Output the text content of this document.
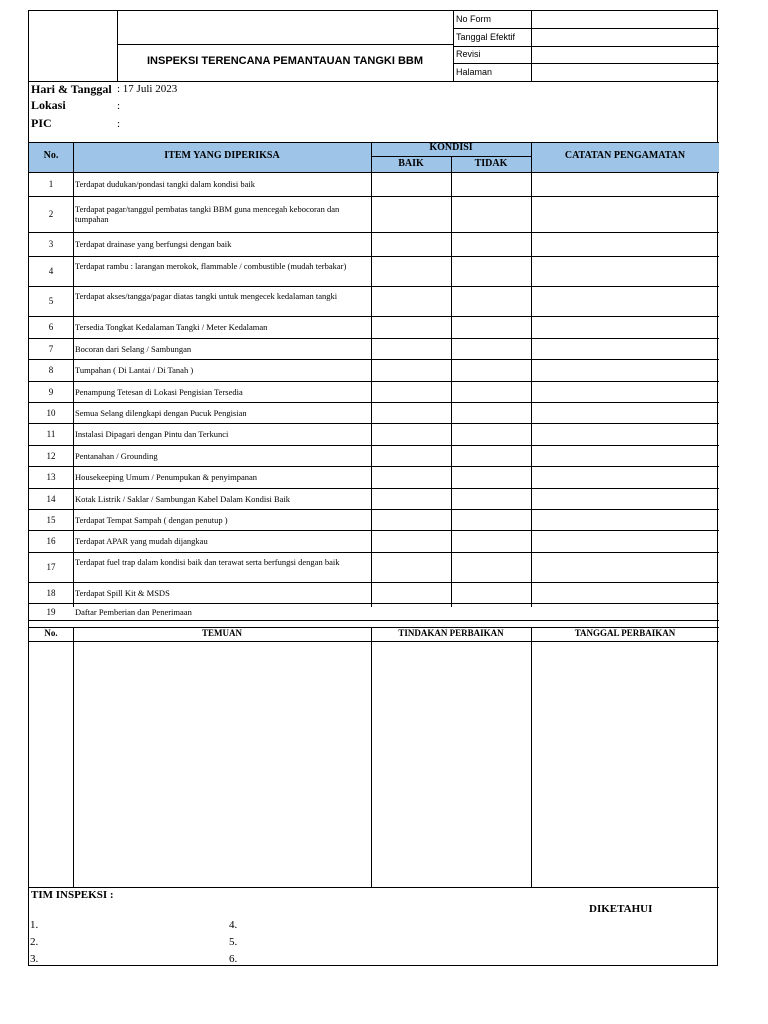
INSPEKSI TERENCANA PEMANTAUAN TANGKI BBM
No Form
Tanggal Efektif
Revisi
Halaman
Hari & Tanggal : 17 Juli 2023
Lokasi	:
PIC	:
No.	ITEM YANG DIPERIKSA
KONDISI
BAIK	TIDAK
CATATAN PENGAMATAN
1	Terdapat dudukan/pondasi tangki dalam kondisi baik
2	Terdapat pagar/tanggul pembatas tangki BBM guna mencegah kebocoran dan tumpahan
3	Terdapat drainase yang berfungsi dengan baik
4	Terdapat rambu : larangan merokok, flammable / combustible (mudah terbakar)
5	Terdapat akses/tangga/pagar diatas tangki untuk mengecek kedalaman tangki
6	Tersedia Tongkat Kedalaman Tangki / Meter Kedalaman
7	Bocoran dari Selang / Sambungan
8	Tumpahan ( Di Lantai / Di Tanah )
9	Penampung Tetesan di Lokasi Pengisian Tersedia
10	Semua Selang dilengkapi dengan Pucuk Pengisian
11	Instalasi Dipagari dengan Pintu dan Terkunci
12	Pentanahan / Grounding
13	Housekeeping Umum / Penumpukan & penyimpanan
14	Kotak Listrik / Saklar / Sambungan Kabel Dalam Kondisi Baik
15	Terdapat Tempat Sampah ( dengan penutup )
16	Terdapat APAR yang mudah dijangkau
17	Terdapat fuel trap dalam kondisi baik dan terawat serta berfungsi dengan baik
18	Terdapat Spill Kit & MSDS
19	Daftar Pemberian dan Penerimaan
No.	TEMUAN	TINDAKAN PERBAIKAN	TANGGAL PERBAIKAN
TIM INSPEKSI :
DIKETAHUI
1.
2.
3.
4.
5.
6.
